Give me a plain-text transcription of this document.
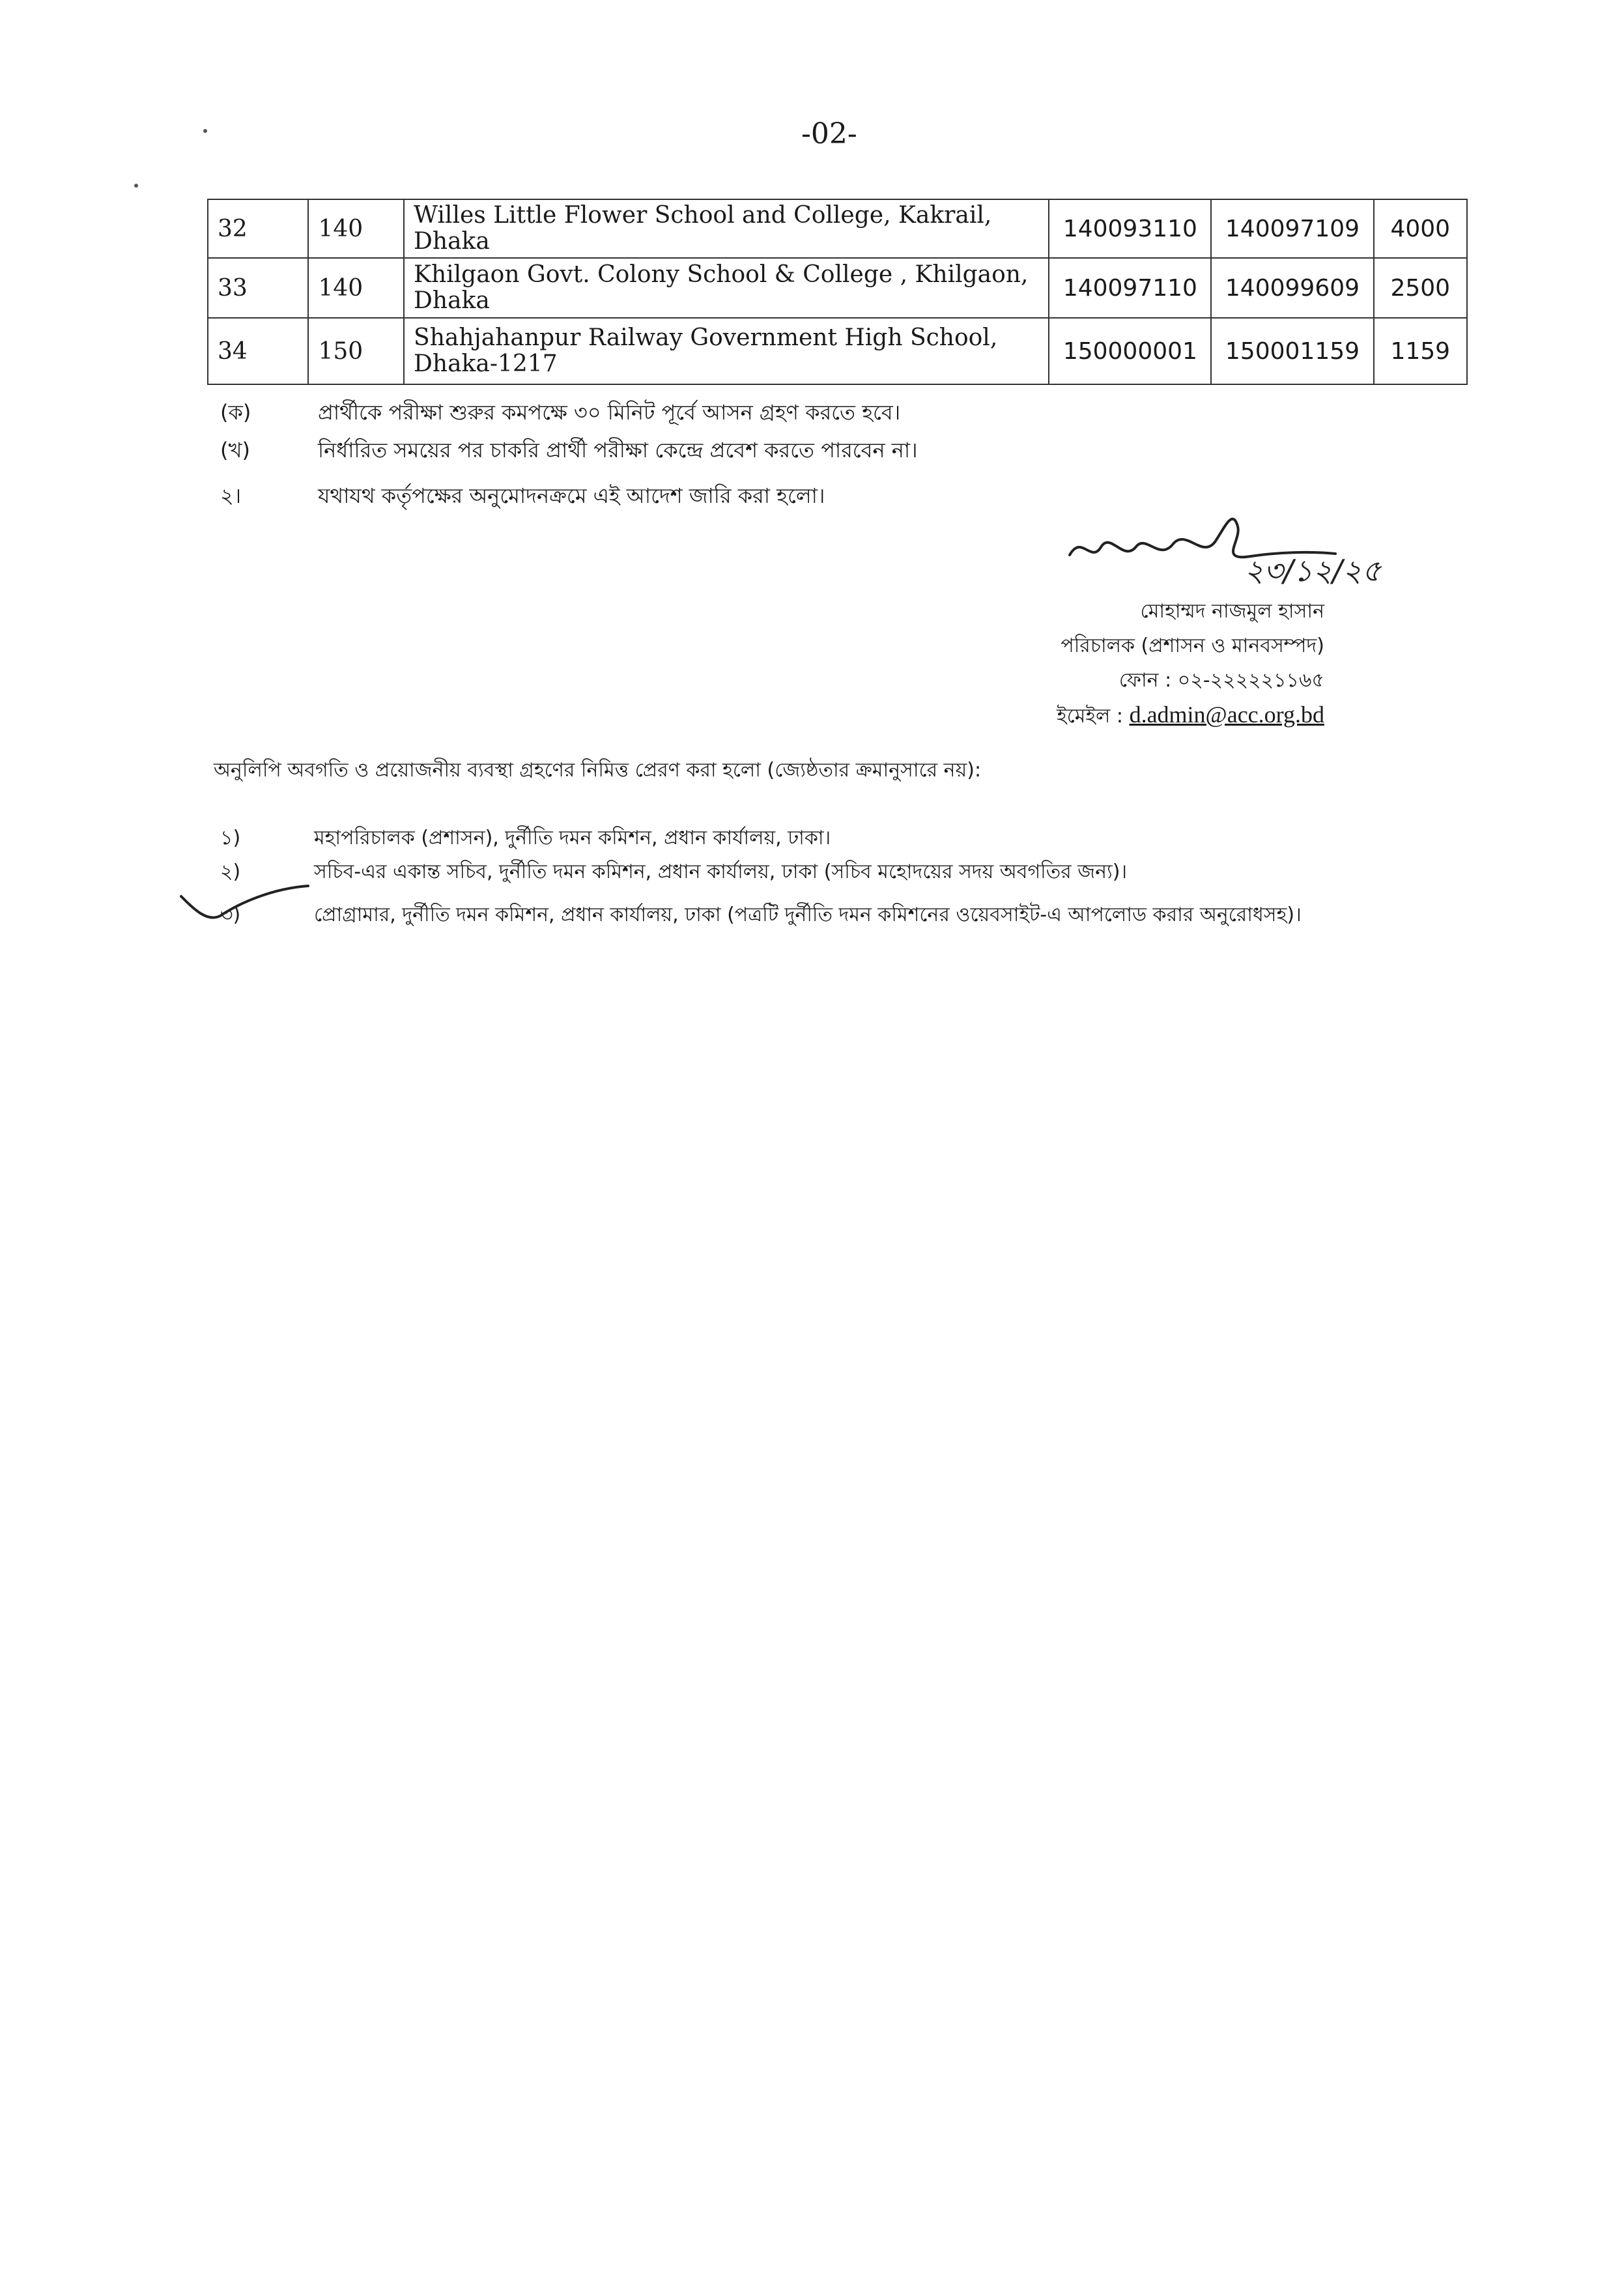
-02-
32	140	Willes Little Flower School and College, Kakrail, Dhaka	140093110	140097109	4000
33	140	Khilgaon Govt. Colony School & College , Khilgaon, Dhaka	140097110	140099609	2500
34	150	Shahjahanpur Railway Government High School, Dhaka-1217	150000001	150001159	1159
(ক)	প্রার্থীকে পরীক্ষা শুরুর কমপক্ষে ৩০ মিনিট পূর্বে আসন গ্রহণ করতে হবে।
(খ)	নির্ধারিত সময়ের পর চাকরি প্রার্থী পরীক্ষা কেন্দ্রে প্রবেশ করতে পারবেন না।
২।	যথাযথ কর্তৃপক্ষের অনুমোদনক্রমে এই আদেশ জারি করা হলো।
২৩/১২/২৫
মোহাম্মদ নাজমুল হাসান
পরিচালক (প্রশাসন ও মানবসম্পদ)
ফোন : ০২-২২২২২১১৬৫
ইমেইল : d.admin@acc.org.bd
অনুলিপি অবগতি ও প্রয়োজনীয় ব্যবস্থা গ্রহণের নিমিত্ত প্রেরণ করা হলো (জ্যেষ্ঠতার ক্রমানুসারে নয়):
১)	মহাপরিচালক (প্রশাসন), দুর্নীতি দমন কমিশন, প্রধান কার্যালয়, ঢাকা।
২)	সচিব-এর একান্ত সচিব, দুর্নীতি দমন কমিশন, প্রধান কার্যালয়, ঢাকা (সচিব মহোদয়ের সদয় অবগতির জন্য)।
৩)	প্রোগ্রামার, দুর্নীতি দমন কমিশন, প্রধান কার্যালয়, ঢাকা (পত্রটি দুর্নীতি দমন কমিশনের ওয়েবসাইট-এ আপলোড করার অনুরোধসহ)।
